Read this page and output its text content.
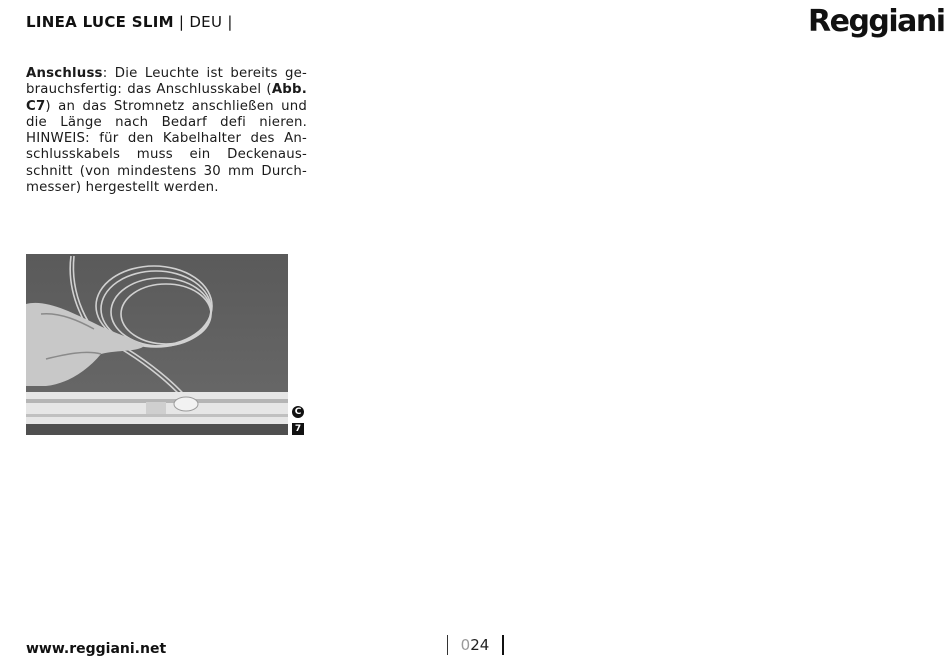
LINEA LUCE SLIM | DEU |	Reggiani
Anschluss: Die Leuchte ist bereits ge-brauchsfertig: das Anschlusskabel (Abb. C7) an das Stromnetz anschließen und die Länge nach Bedarf defi nieren. HINWEIS: für den Kabelhalter des An-schlusskabels muss ein Deckenaus-schnitt (von mindestens 30 mm Durch-messer) hergestellt werden.
C
7
www.reggiani.net	024
